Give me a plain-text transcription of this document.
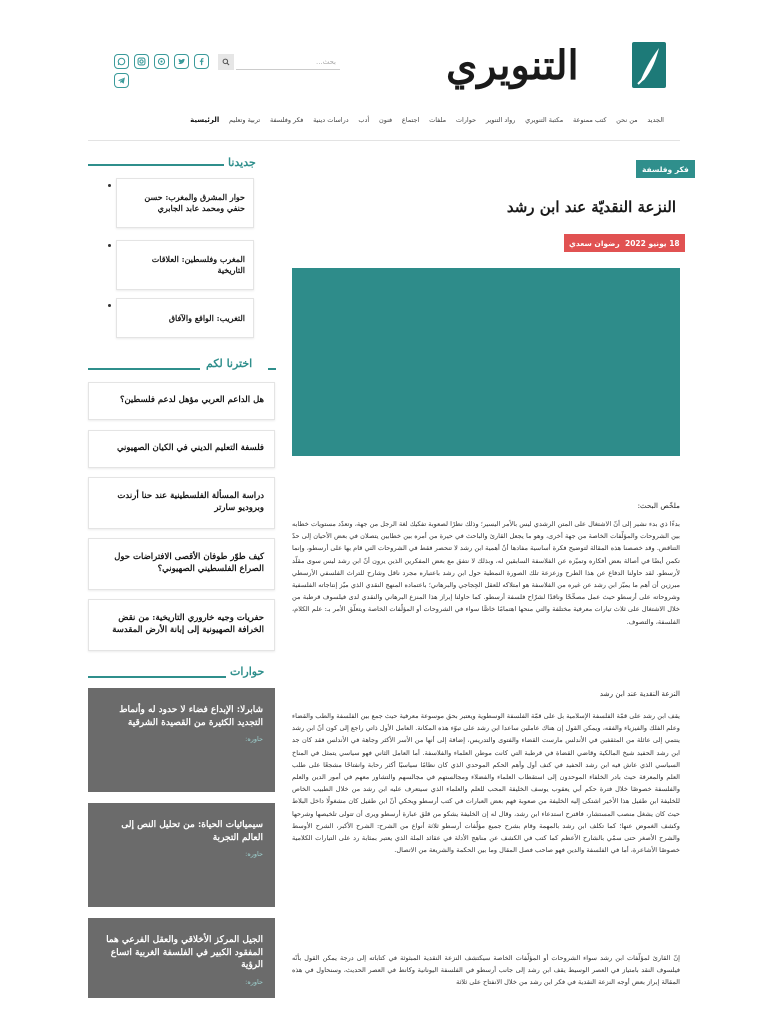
بحث...
التنويري
الرئيسية تربية وتعليم فكر وفلسفة دراسات دينية أدب فنون اجتماع ملفات حوارات رواد التنوير مكتبة التنويري كتب ممنوعة من نحن الجديد
جديدنا
حوار المشرق والمغرب: حسن حنفي ومحمد عابد الجابري
المغرب وفلسطين: العلاقات التاريخية
التغريب: الواقع والآفاق
اخترنا لكم
هل الداعم العربي مؤهل لدعم فلسطين؟
فلسفة التعليم الديني في الكيان الصهيوني
دراسة المسألة الفلسطينية عند حنا أرندت وبروديو سارتر
كيف طوّر طوفان الأقصى الافتراضات حول الصراع الفلسطيني الصهيوني؟
حفريات وجيه خاروري التاريخية: من نقض الخرافة الصهيونية إلى إبانة الأرض المقدسة
حوارات
شابرلا: الإبداع فضاء لا حدود له وأنماط التجديد الكثيرة من القصيدة الشرقية
حاوره:
سيميائيات الحياة: من تحليل النص إلى العالم التجربة
حاوره:
الجيل المركز الأخلاقي والعقل الفرعي هما المفقود الكبير في الفلسفة الغربية اتساع الرؤية
حاوره:
فكر وفلسفة
النزعة النقديّة عند ابن رشد
18 يونيو 2022
رضوان سعدي
ملخّص البحث:

بدءًا ذي بدء نشير إلى أنّ الاشتغال على المتن الرشدي ليس بالأمر اليسير؛ وذلك نظرًا لصعوبة تفكيك لغة الرجل من جهة، وتعدّد مستويات خطابه بين الشروحات والمؤلّفات الخاصة من جهة أخرى، وهو ما يجعل القارئ والباحث في حيرة من أمره بين خطابين يتصلان في بعض الأحيان إلى حدّ التناقض. وقد خصصنا هذه المقالة لتوضيح فكرة أساسية مفادها أنّ أهمية ابن رشد لا تنحصر فقط في الشروحات التي قام بها على أرسطو، وإنما تكمن أيضًا في أصالة بعض أفكاره وتميّزه عن الفلاسفة السابقين له، وبذلك لا نتفق مع بعض المفكرين الذين يرون أنّ ابن رشد ليس سوى مقلّد لأرسطو. لقد حاولنا الدفاع عن هذا الطرح وزعزعة تلك الصورة النمطية حول ابن رشد باعتباره مجرد ناقل وشارح للتراث الفلسفي الأرسطي مبرزين أن أهم ما يميّز ابن رشد عن غيره من الفلاسفة هو امتلاكه للعقل الحِجاجي والبرهاني؛ باعتماده المنهج النقدي الذي ميّز إنتاجاته الفلسفية وشروحاته على أرسطو حيث عمل مصحِّحًا وناقدًا لشرّاح فلسفة أرسطو. كما حاولنا إبراز هذا المنزع البرهاني والنقدي لدى فيلسوف قرطبة من خلال الاشتغال على ثلاث تيارات معرفية مختلفة والتي منحها اهتمامًا خاصًّا سواء في الشروحات أو المؤلّفات الخاصة ويتعلّق الأمر بـ: علم الكلام، الفلسفة، والتصوف.

النزعة النقدية عند ابن رشد

يقف ابن رشد على قمّة الفلسفة الإسلامية بل على قمّة الفلسفة الوسطوية ويعتبر بحق موسوعة معرفية حيث جمع بين الفلسفة والطب والقضاء وعلم الفلك والفيزياء والفقه، ويمكن القول إن هناك عاملين ساعدا ابن رشد على تبوّء هذه المكانة. العامل الأول ذاتي راجع إلى كون أنّ ابن رشد ينتمي إلى عائلة من المثقفين في الأندلس مارست القضاء والفتوى والتدريس، إضافة إلى أنها من الأسر الأكثر وجاهة في الأندلس فقد كان جد ابن رشد الحفيد شيخ المالكية وقاضي القضاة في قرطبة التي كانت موطن العلماء والفلاسفة. أما العامل الثاني فهو سياسي يتمثل في المناخ السياسي الذي عاش فيه ابن رشد الحفيد في كنف أول وأهم الحكم الموحدي الذي كان نظامًا سياسيًا أكثر رحابة وانفتاحًا مشجعًا على طلب العلم والمعرفة حيث بادر الخلفاء الموحدون إلى استقطاب العلماء والفضلاء ومجالستهم في مجالسهم والتشاور معهم في أمور الدين والعلم والفلسفة خصوصًا خلال فترة حكم أبي يعقوب يوسف الخليفة المحب للعلم والعلماء الذي سيتعرف عليه ابن رشد من خلال الطبيب الخاص للخليفة ابن طفيل هذا الأخير اشتكى إليه الخليفة من صعوبة فهم بعض العبارات في كتب أرسطو ويحكي أنّ ابن طفيل كان مشغولًا داخل البلاط حيث كان يشغل منصب المستشار، فاقترح استدعاء ابن رشد، وقال له إن الخليفة يشكو من قلق عبارة أرسطو ويرى أن تتولى تلخيصها وشرحها وكشف الغموض عنها؛ كما تكلف ابن رشد بالمهمة وقام بشرح جميع مؤلّفات أرسطو ثلاثة أنواع من الشرح: الشرح الأكبر، الشرح الأوسط والشرح الأصغر حتى سمّي بالشارح الأعظم كما كتب في الكشف عن مناهج الأدلة في عقائد الملة الذي يعتبر بمثابة رد على التيارات الكلامية خصوصًا الأشاعرة، أما في الفلسفة والدين فهو صاحب فصل المقال وما بين الحكمة والشريعة من الاتصال.

إنّ القارئ لمؤلّفات ابن رشد سواء الشروحات أو المؤلّفات الخاصة سيكتشف النزعة النقدية المبثوثة في كتاباته إلى درجة يمكن القول بأنّه فيلسوف النقد بامتياز في العصر الوسيط يقف ابن رشد إلى جانب أرسطو في الفلسفة اليونانية وكانط في العصر الحديث، وسنحاول في هذه المقالة إبراز بعض أوجه النزعة النقدية في فكر ابن رشد من خلال الانفتاح على ثلاثة
